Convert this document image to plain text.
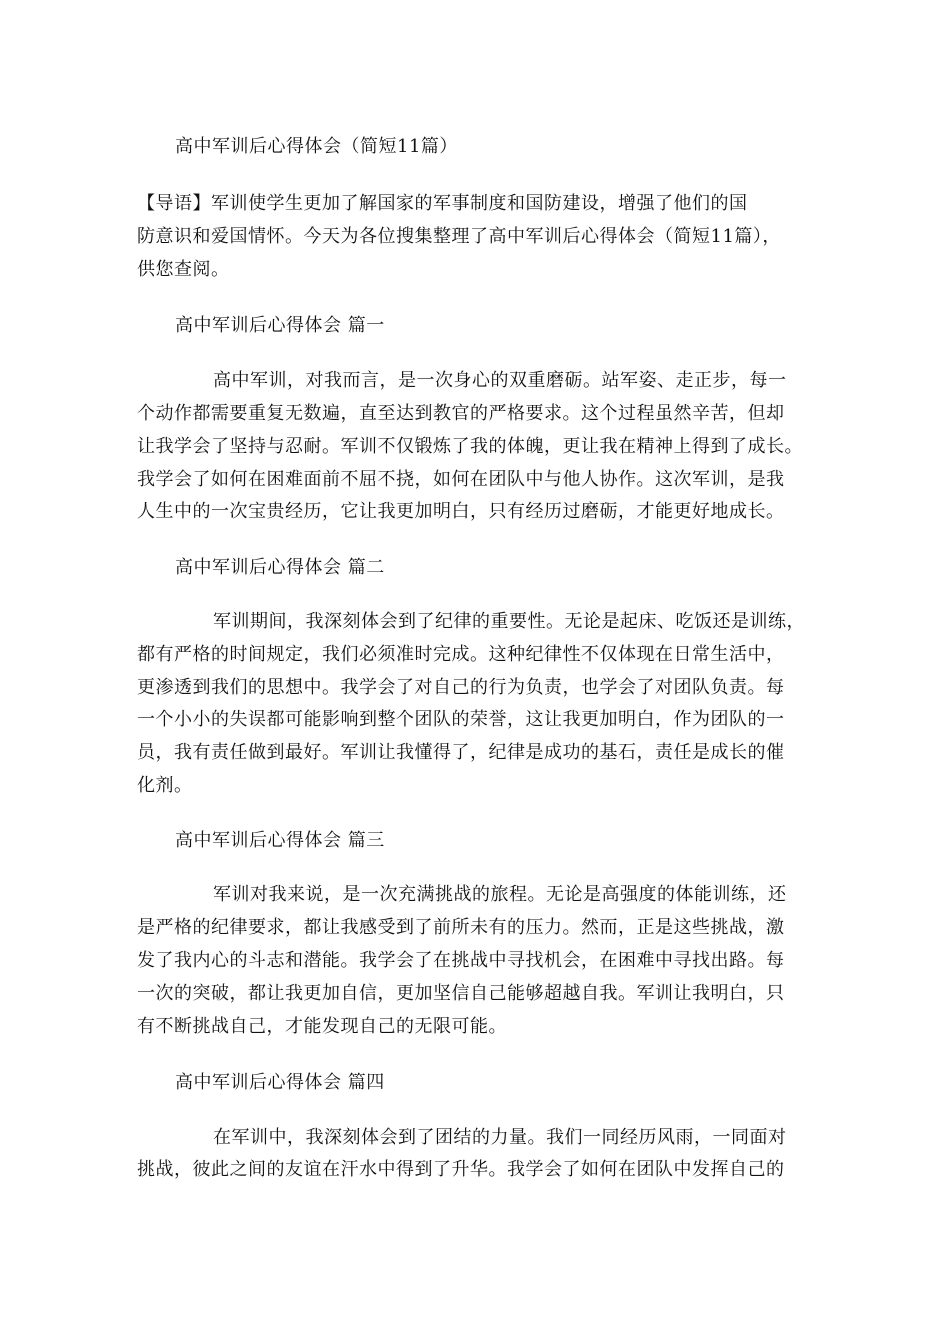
高中军训后心得体会（简短11篇）
【导语】军训使学生更加了解国家的军事制度和国防建设，增强了他们的国
防意识和爱国情怀。今天为各位搜集整理了高中军训后心得体会（简短11篇），
供您查阅。
高中军训后心得体会 篇一
高中军训，对我而言，是一次身心的双重磨砺。站军姿、走正步，每一
个动作都需要重复无数遍，直至达到教官的严格要求。这个过程虽然辛苦，但却
让我学会了坚持与忍耐。军训不仅锻炼了我的体魄，更让我在精神上得到了成长。
我学会了如何在困难面前不屈不挠，如何在团队中与他人协作。这次军训，是我
人生中的一次宝贵经历，它让我更加明白，只有经历过磨砺，才能更好地成长。
高中军训后心得体会 篇二
军训期间，我深刻体会到了纪律的重要性。无论是起床、吃饭还是训练，
都有严格的时间规定，我们必须准时完成。这种纪律性不仅体现在日常生活中，
更渗透到我们的思想中。我学会了对自己的行为负责，也学会了对团队负责。每
一个小小的失误都可能影响到整个团队的荣誉，这让我更加明白，作为团队的一
员，我有责任做到最好。军训让我懂得了，纪律是成功的基石，责任是成长的催
化剂。
高中军训后心得体会 篇三
军训对我来说，是一次充满挑战的旅程。无论是高强度的体能训练，还
是严格的纪律要求，都让我感受到了前所未有的压力。然而，正是这些挑战，激
发了我内心的斗志和潜能。我学会了在挑战中寻找机会，在困难中寻找出路。每
一次的突破，都让我更加自信，更加坚信自己能够超越自我。军训让我明白，只
有不断挑战自己，才能发现自己的无限可能。
高中军训后心得体会 篇四
在军训中，我深刻体会到了团结的力量。我们一同经历风雨，一同面对
挑战，彼此之间的友谊在汗水中得到了升华。我学会了如何在团队中发挥自己的
